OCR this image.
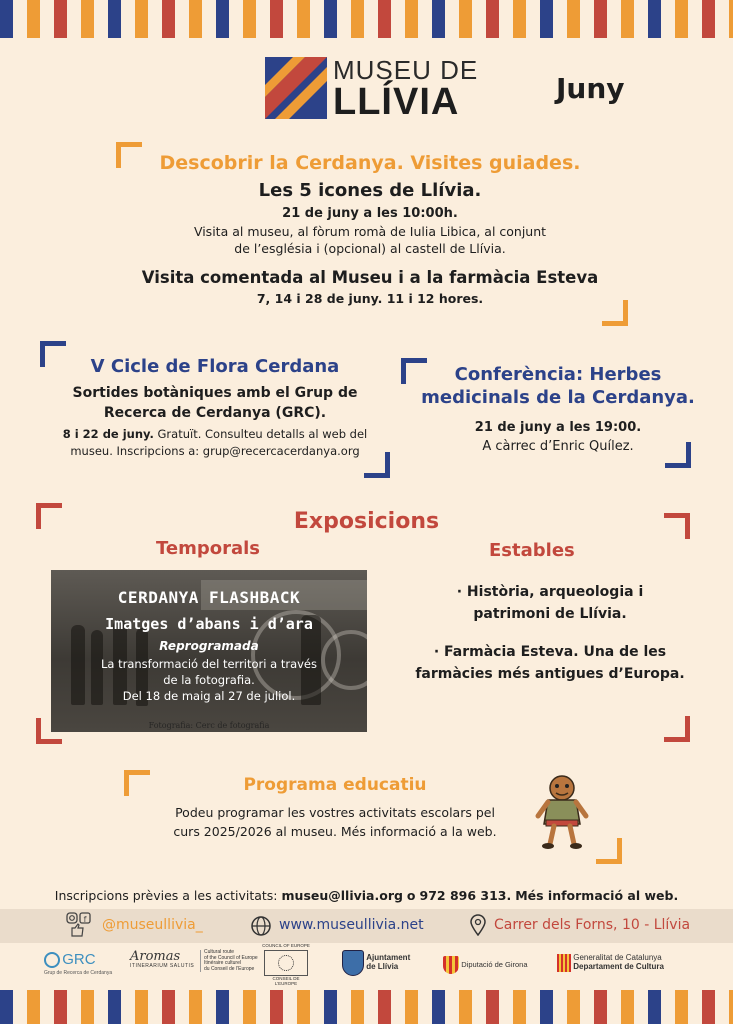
MUSEU DE
LLÍVIA	Juny
Descobrir la Cerdanya. Visites guiades.
Les 5 icones de Llívia.
21 de juny a les 10:00h.
Visita al museu, al fòrum romà de Iulia Libica, al conjunt
de l’església i (opcional) al castell de Llívia.
Visita comentada al Museu i a la farmàcia Esteva
7, 14 i 28 de juny. 11 i 12 hores.
V Cicle de Flora Cerdana
Sortides botàniques amb el Grup de
Recerca de Cerdanya (GRC).
8 i 22 de juny. Gratuït. Consulteu detalls al web del
museu. Inscripcions a: grup@recercacerdanya.org
Conferència: Herbes
medicinals de la Cerdanya.
21 de juny a les 19:00.
A càrrec d’Enric Quílez.
Exposicions
Temporals	Estables
CERDANYA FLASHBACK
Imatges d’abans i d’ara
Reprogramada
La transformació del territori a través
de la fotografia.
Del 18 de maig al 27 de juliol.
Fotografia: Cerc de fotografia
· Història, arqueologia i
patrimoni de Llívia.
· Farmàcia Esteva. Una de les
farmàcies més antigues d’Europa.
Programa educatiu
Podeu programar les vostres activitats escolars pel
curs 2025/2026 al museu. Més informació a la web.
Inscripcions prèvies a les activitats: museu@llivia.org o 972 896 313. Més informació al web.
f @museullivia_	www.museullivia.net	Carrer dels Forns, 10 - Llívia
GRC
Grup de Recerca de Cerdanya
Aromas
ITINERARIUM SALUTIS
Cultural route
of the Council of Europe
Itinéraire culturel
du Conseil de l’Europe
COUNCIL OF EUROPE
CONSEIL DE L’EUROPE
Ajuntament
de Llívia	Diputació de Girona
Generalitat de Catalunya
Departament de Cultura
